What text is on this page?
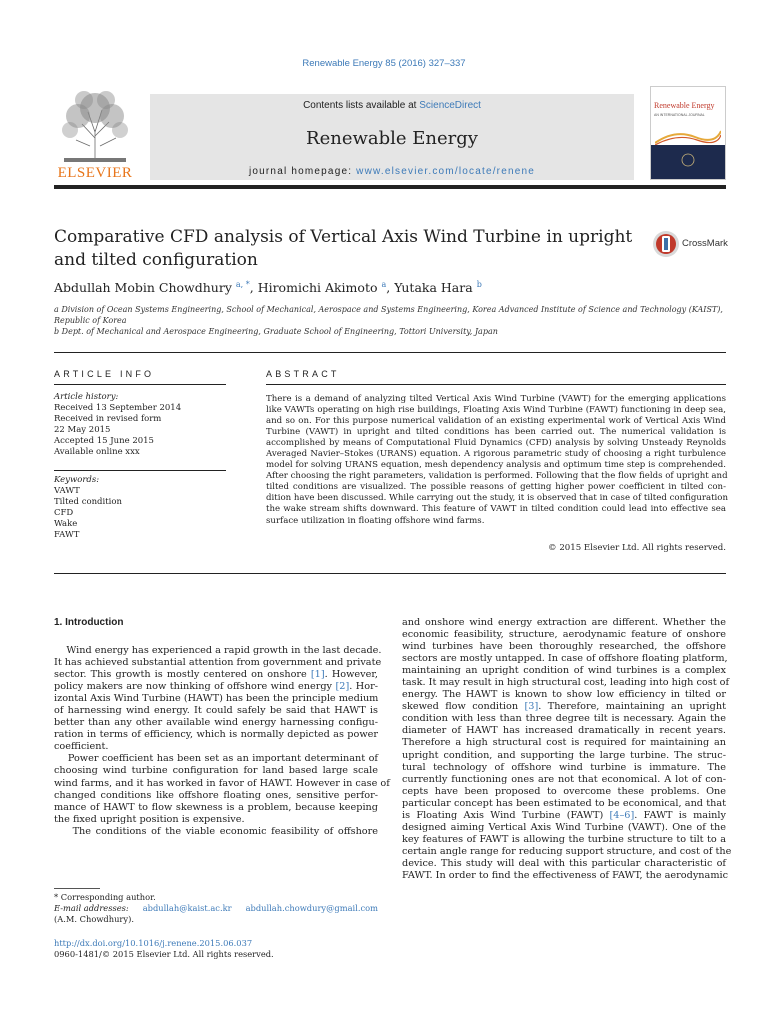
Renewable Energy 85 (2016) 327–337
ELSEVIER
Contents lists available at ScienceDirect
Renewable Energy
journal homepage: www.elsevier.com/locate/renene
Renewable Energy
AN INTERNATIONAL JOURNAL
Comparative CFD analysis of Vertical Axis Wind Turbine in upright and tilted configuration
CrossMark
Abdullah Mobin Chowdhury $^{a, *}$, Hiromichi Akimoto $^a$, Yutaka Hara $^b$
a Division of Ocean Systems Engineering, School of Mechanical, Aerospace and Systems Engineering, Korea Advanced Institute of Science and Technology (KAIST), Republic of Korea
b Dept. of Mechanical and Aerospace Engineering, Graduate School of Engineering, Tottori University, Japan
ARTICLE INFO	ABSTRACT
Article history:
Received 13 September 2014
Received in revised form
22 May 2015
Accepted 15 June 2015
Available online xxx
Keywords:
VAWT
Tilted condition
CFD
Wake
FAWT
There is a demand of analyzing tilted Vertical Axis Wind Turbine (VAWT) for the emerging applications
like VAWTs operating on high rise buildings, Floating Axis Wind Turbine (FAWT) functioning in deep sea,
and so on. For this purpose numerical validation of an existing experimental work of Vertical Axis Wind
Turbine (VAWT) in upright and tilted conditions has been carried out. The numerical validation is
accomplished by means of Computational Fluid Dynamics (CFD) analysis by solving Unsteady Reynolds
Averaged Navier–Stokes (URANS) equation. A rigorous parametric study of choosing a right turbulence
model for solving URANS equation, mesh dependency analysis and optimum time step is comprehended.
After choosing the right parameters, validation is performed. Following that the flow fields of upright and
tilted conditions are visualized. The possible reasons of getting higher power coefficient in tilted con-
dition have been discussed. While carrying out the study, it is observed that in case of tilted configuration
the wake stream shifts downward. This feature of VAWT in tilted condition could lead into effective sea
surface utilization in floating offshore wind farms.
© 2015 Elsevier Ltd. All rights reserved.
1. Introduction
Wind energy has experienced a rapid growth in the last decade.
It has achieved substantial attention from government and private
sector. This growth is mostly centered on onshore [1]. However,
policy makers are now thinking of offshore wind energy [2]. Hor-
izontal Axis Wind Turbine (HAWT) has been the principle medium
of harnessing wind energy. It could safely be said that HAWT is
better than any other available wind energy harnessing configu-
ration in terms of efficiency, which is normally depicted as power
coefficient.
Power coefficient has been set as an important determinant of
choosing wind turbine configuration for land based large scale
wind farms, and it has worked in favor of HAWT. However in case of
changed conditions like offshore floating ones, sensitive perfor-
mance of HAWT to flow skewness is a problem, because keeping
the fixed upright position is expensive.
The conditions of the viable economic feasibility of offshore
and onshore wind energy extraction are different. Whether the
economic feasibility, structure, aerodynamic feature of onshore
wind turbines have been thoroughly researched, the offshore
sectors are mostly untapped. In case of offshore floating platform,
maintaining an upright condition of wind turbines is a complex
task. It may result in high structural cost, leading into high cost of
energy. The HAWT is known to show low efficiency in tilted or
skewed flow condition [3]. Therefore, maintaining an upright
condition with less than three degree tilt is necessary. Again the
diameter of HAWT has increased dramatically in recent years.
Therefore a high structural cost is required for maintaining an
upright condition, and supporting the large turbine. The struc-
tural technology of offshore wind turbine is immature. The
currently functioning ones are not that economical. A lot of con-
cepts have been proposed to overcome these problems. One
particular concept has been estimated to be economical, and that
is Floating Axis Wind Turbine (FAWT) [4–6]. FAWT is mainly
designed aiming Vertical Axis Wind Turbine (VAWT). One of the
key features of FAWT is allowing the turbine structure to tilt to a
certain angle range for reducing support structure, and cost of the
device. This study will deal with this particular characteristic of
FAWT. In order to find the effectiveness of FAWT, the aerodynamic
* Corresponding author.
E-mail addresses: abdullah@kaist.ac.kr abdullah.chowdury@gmail.com
(A.M. Chowdhury).
http://dx.doi.org/10.1016/j.renene.2015.06.037
0960-1481/© 2015 Elsevier Ltd. All rights reserved.
